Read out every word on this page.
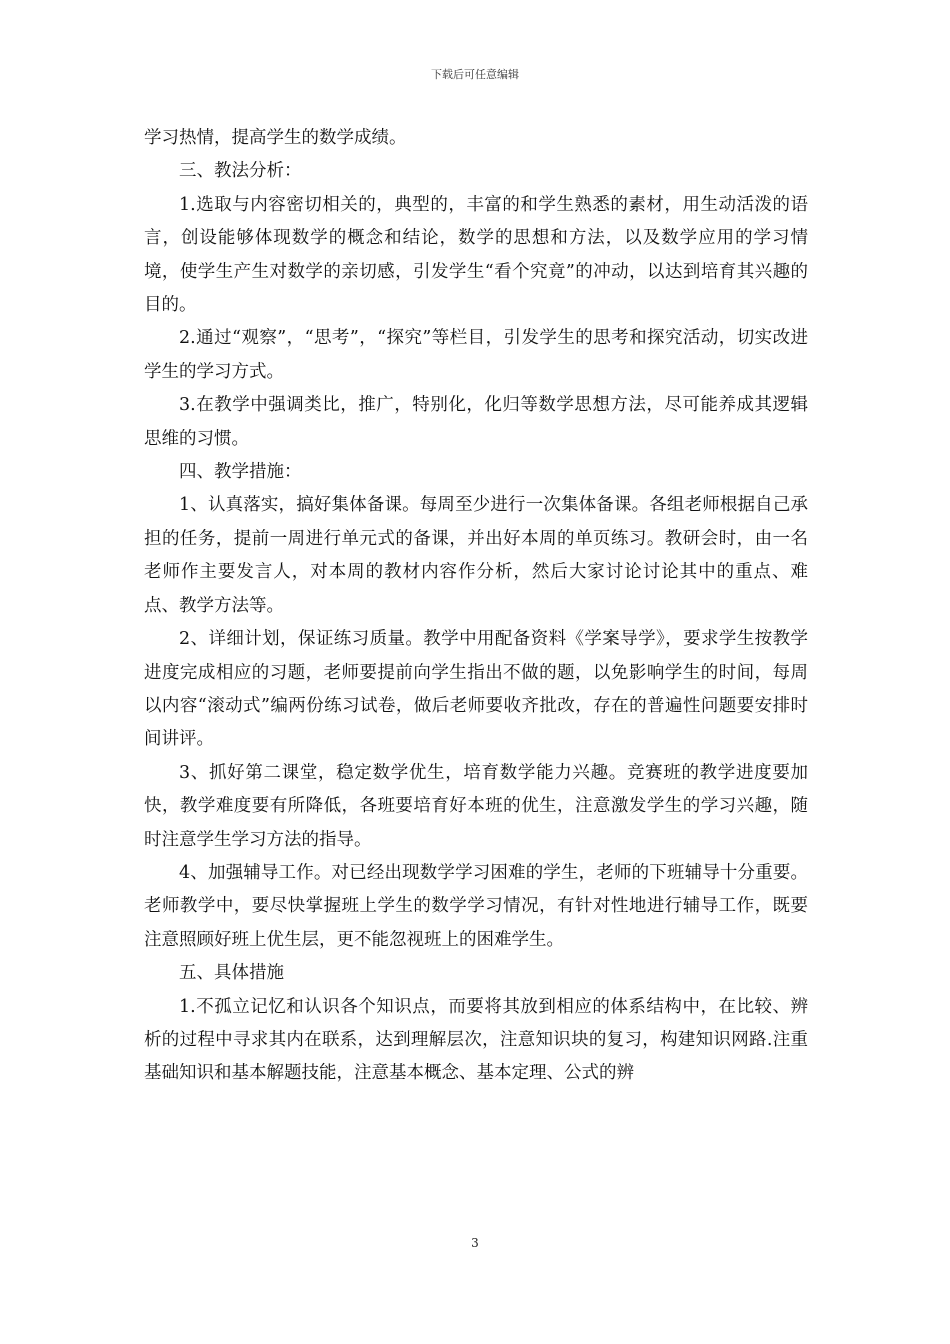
下载后可任意编辑

学习热情，提高学生的数学成绩。

三、教法分析：

1.选取与内容密切相关的，典型的，丰富的和学生熟悉的素材，用生动活泼的语言，创设能够体现数学的概念和结论，数学的思想和方法，以及数学应用的学习情境，使学生产生对数学的亲切感，引发学生“看个究竟”的冲动，以达到培育其兴趣的目的。

2.通过“观察”，“思考”，“探究”等栏目，引发学生的思考和探究活动，切实改进学生的学习方式。

3.在教学中强调类比，推广，特别化，化归等数学思想方法，尽可能养成其逻辑思维的习惯。

四、教学措施：

1、认真落实，搞好集体备课。每周至少进行一次集体备课。各组老师根据自己承担的任务，提前一周进行单元式的备课，并出好本周的单页练习。教研会时，由一名老师作主要发言人，对本周的教材内容作分析，然后大家讨论讨论其中的重点、难点、教学方法等。

2、详细计划，保证练习质量。教学中用配备资料《学案导学》，要求学生按教学进度完成相应的习题，老师要提前向学生指出不做的题，以免影响学生的时间，每周以内容“滚动式”编两份练习试卷，做后老师要收齐批改，存在的普遍性问题要安排时间讲评。

3、抓好第二课堂，稳定数学优生，培育数学能力兴趣。竞赛班的教学进度要加快，教学难度要有所降低，各班要培育好本班的优生，注意激发学生的学习兴趣，随时注意学生学习方法的指导。

4、加强辅导工作。对已经出现数学学习困难的学生，老师的下班辅导十分重要。老师教学中，要尽快掌握班上学生的数学学习情况，有针对性地进行辅导工作，既要注意照顾好班上优生层，更不能忽视班上的困难学生。

五、具体措施

1.不孤立记忆和认识各个知识点，而要将其放到相应的体系结构中，在比较、辨析的过程中寻求其内在联系，达到理解层次，注意知识块的复习，构建知识网路.注重基础知识和基本解题技能，注意基本概念、基本定理、公式的辨

3
